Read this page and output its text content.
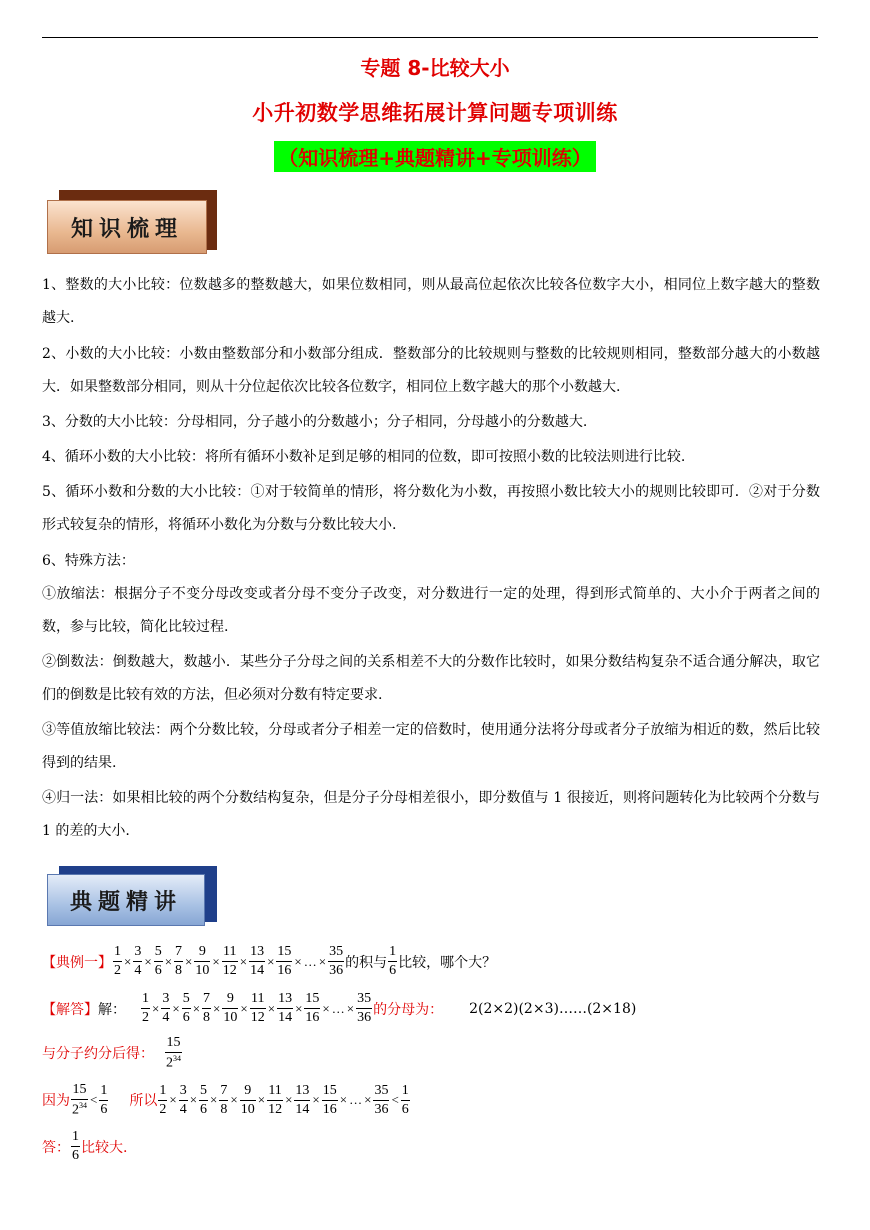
专题 8-比较大小
小升初数学思维拓展计算问题专项训练
（知识梳理+典题精讲+专项训练）
知识梳理
1、整数的大小比较：位数越多的整数越大，如果位数相同，则从最高位起依次比较各位数字大小，相同位上数字越大的整数越大.
2、小数的大小比较：小数由整数部分和小数部分组成．整数部分的比较规则与整数的比较规则相同，整数部分越大的小数越大．如果整数部分相同，则从十分位起依次比较各位数字，相同位上数字越大的那个小数越大.
3、分数的大小比较：分母相同，分子越小的分数越小；分子相同，分母越小的分数越大.
4、循环小数的大小比较：将所有循环小数补足到足够的相同的位数，即可按照小数的比较法则进行比较.
5、循环小数和分数的大小比较：①对于较简单的情形，将分数化为小数，再按照小数比较大小的规则比较即可．②对于分数形式较复杂的情形，将循环小数化为分数与分数比较大小.
6、特殊方法：
①放缩法：根据分子不变分母改变或者分母不变分子改变，对分数进行一定的处理，得到形式简单的、大小介于两者之间的数，参与比较，简化比较过程.
②倒数法：倒数越大，数越小．某些分子分母之间的关系相差不大的分数作比较时，如果分数结构复杂不适合通分解决，取它们的倒数是比较有效的方法，但必须对分数有特定要求.
③等值放缩比较法：两个分数比较，分母或者分子相差一定的倍数时，使用通分法将分母或者分子放缩为相近的数，然后比较得到的结果.
④归一法：如果相比较的两个分数结构复杂，但是分子分母相差很小，即分数值与 1 很接近，则将问题转化为比较两个分数与 1 的差的大小.
典题精讲
【典例一】 $\frac{1}{2} \times \frac{3}{4} \times \frac{5}{6} \times \frac{7}{8} \times \frac{9}{10} \times \frac{11}{12} \times \frac{13}{14} \times \frac{15}{16}$ × … × $\frac{35}{36}$ 的积与 $\frac{1}{6}$ 比较，哪个大？
【解答】 解： $\frac{1}{2} \times \frac{3}{4} \times \frac{5}{6} \times \frac{7}{8} \times \frac{9}{10} \times \frac{11}{12} \times \frac{13}{14} \times \frac{15}{16}$ × … × $\frac{35}{36}$ 的分母为： 2(2×2)(2×3)……(2×18)
与分子约分后得： $\frac{15}{2^{34}}$
因为 $\frac{15}{2^{34}} < \frac{1}{6}$ 所以 $\frac{1}{2} \times \frac{3}{4} \times \frac{5}{6} \times \frac{7}{8} \times \frac{9}{10} \times \frac{11}{12} \times \frac{13}{14} \times \frac{15}{16}$ × … × $\frac{35}{36} < \frac{1}{6}$
答： $\frac{1}{6}$ 比较大.
